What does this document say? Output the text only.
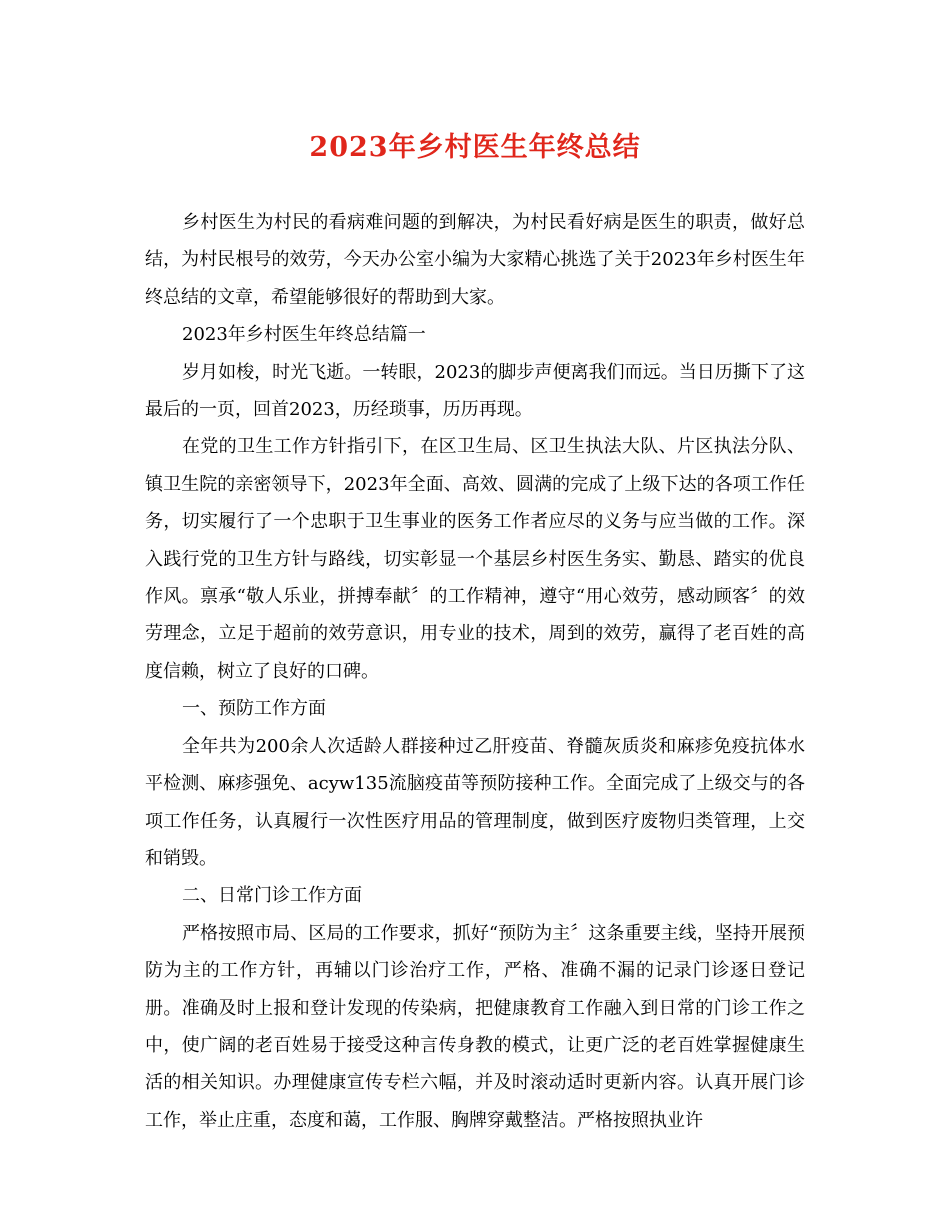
2023年乡村医生年终总结

乡村医生为村民的看病难问题的到解决，为村民看好病是医生的职责，做好总结，为村民根号的效劳，今天办公室小编为大家精心挑选了关于2023年乡村医生年终总结的文章，希望能够很好的帮助到大家。

2023年乡村医生年终总结篇一

岁月如梭，时光飞逝。一转眼，2023的脚步声便离我们而远。当日历撕下了这最后的一页，回首2023，历经琐事，历历再现。

在党的卫生工作方针指引下，在区卫生局、区卫生执法大队、片区执法分队、镇卫生院的亲密领导下，2023年全面、高效、圆满的完成了上级下达的各项工作任务，切实履行了一个忠职于卫生事业的医务工作者应尽的义务与应当做的工作。深入践行党的卫生方针与路线，切实彰显一个基层乡村医生务实、勤恳、踏实的优良作风。禀承“敬人乐业，拼搏奉献〞的工作精神，遵守“用心效劳，感动顾客〞的效劳理念，立足于超前的效劳意识，用专业的技术，周到的效劳，赢得了老百姓的高度信赖，树立了良好的口碑。

一、预防工作方面

全年共为200余人次适龄人群接种过乙肝疫苗、脊髓灰质炎和麻疹免疫抗体水平检测、麻疹强免、acyw135流脑疫苗等预防接种工作。全面完成了上级交与的各项工作任务，认真履行一次性医疗用品的管理制度，做到医疗废物归类管理，上交和销毁。

二、日常门诊工作方面

严格按照市局、区局的工作要求，抓好“预防为主〞这条重要主线，坚持开展预防为主的工作方针，再辅以门诊治疗工作，严格、准确不漏的记录门诊逐日登记册。准确及时上报和登计发现的传染病，把健康教育工作融入到日常的门诊工作之中，使广阔的老百姓易于接受这种言传身教的模式，让更广泛的老百姓掌握健康生活的相关知识。办理健康宣传专栏六幅，并及时滚动适时更新内容。认真开展门诊工作，举止庄重，态度和蔼，工作服、胸牌穿戴整洁。严格按照执业许
